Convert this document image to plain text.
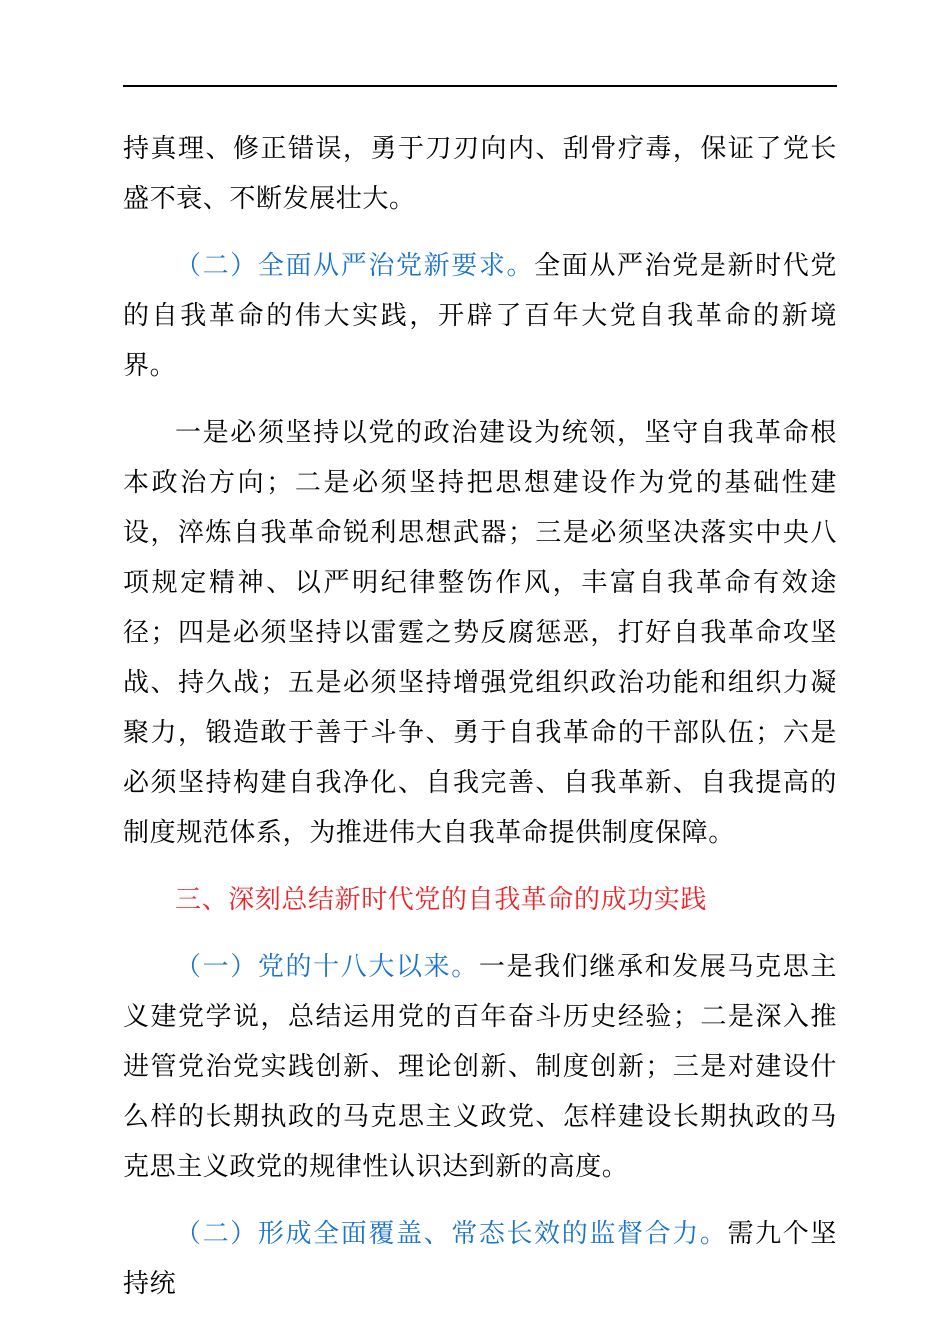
持真理、修正错误，勇于刀刃向内、刮骨疗毒，保证了党长盛不衰、不断发展壮大。

（二）全面从严治党新要求。全面从严治党是新时代党的自我革命的伟大实践，开辟了百年大党自我革命的新境界。

一是必须坚持以党的政治建设为统领，坚守自我革命根本政治方向；二是必须坚持把思想建设作为党的基础性建设，淬炼自我革命锐利思想武器；三是必须坚决落实中央八项规定精神、以严明纪律整饬作风，丰富自我革命有效途径；四是必须坚持以雷霆之势反腐惩恶，打好自我革命攻坚战、持久战；五是必须坚持增强党组织政治功能和组织力凝聚力，锻造敢于善于斗争、勇于自我革命的干部队伍；六是必须坚持构建自我净化、自我完善、自我革新、自我提高的制度规范体系，为推进伟大自我革命提供制度保障。

三、深刻总结新时代党的自我革命的成功实践

（一）党的十八大以来。一是我们继承和发展马克思主义建党学说，总结运用党的百年奋斗历史经验；二是深入推进管党治党实践创新、理论创新、制度创新；三是对建设什么样的长期执政的马克思主义政党、怎样建设长期执政的马克思主义政党的规律性认识达到新的高度。

（二）形成全面覆盖、常态长效的监督合力。需九个坚持统
